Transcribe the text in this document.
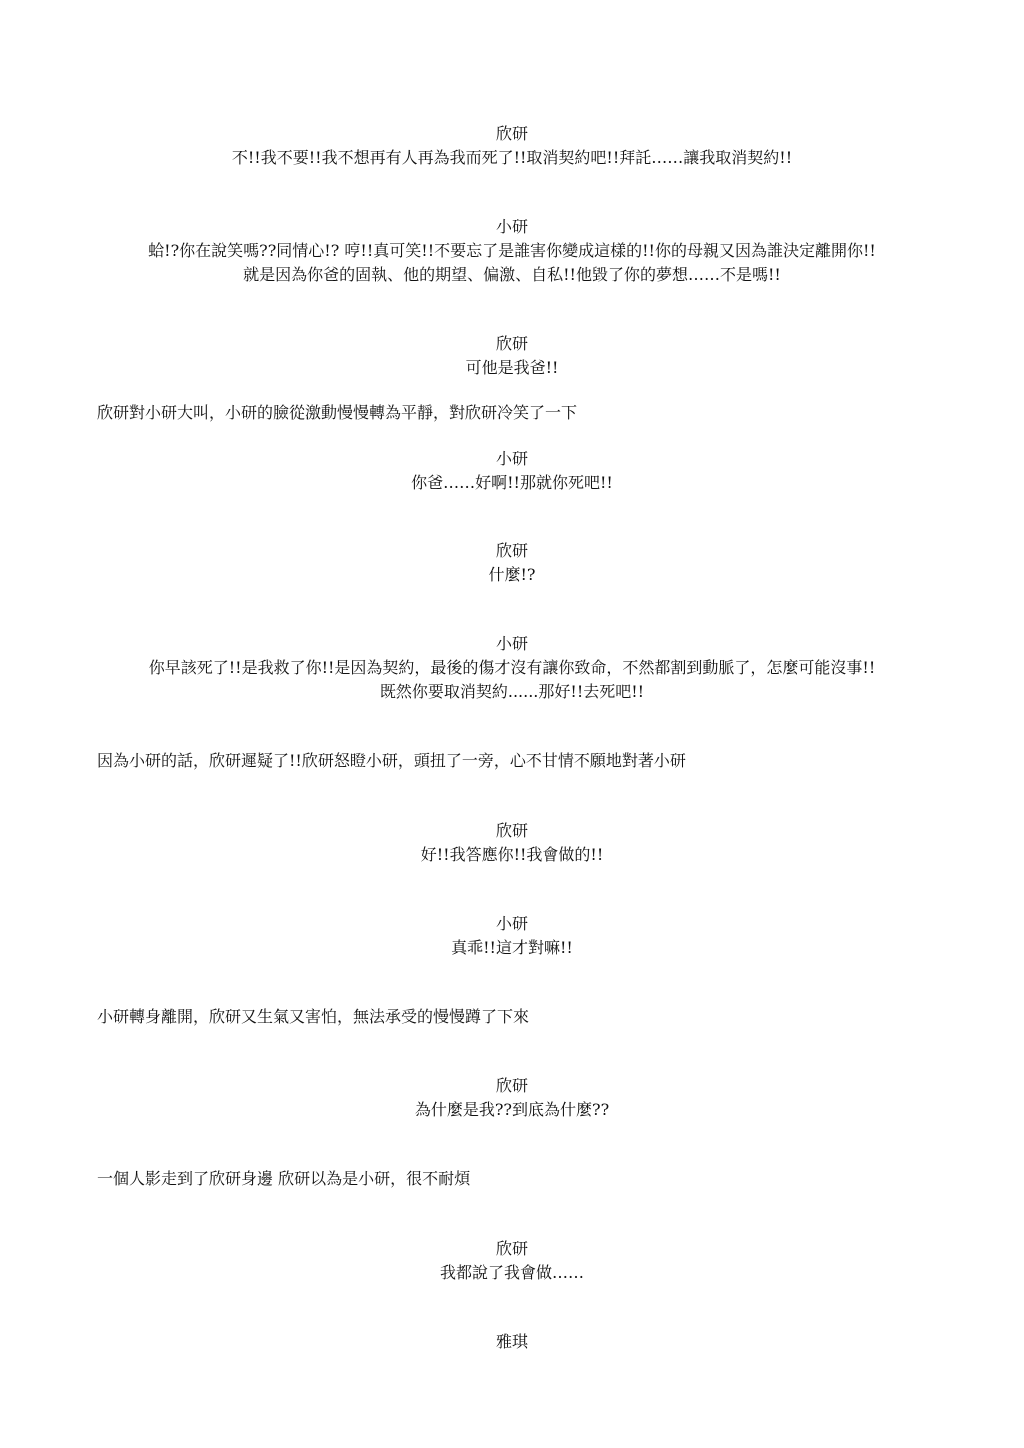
欣研
不!!我不要!!我不想再有人再為我而死了!!取消契約吧!!拜託……讓我取消契約!!
小研
蛤!?你在說笑嗎??同情心!? 哼!!真可笑!!不要忘了是誰害你變成這樣的!!你的母親又因為誰決定離開你!!
就是因為你爸的固執、他的期望、偏激、自私!!他毀了你的夢想……不是嗎!!
欣研
可他是我爸!!
欣研對小研大叫，小研的臉從激動慢慢轉為平靜，對欣研冷笑了一下
小研
你爸……好啊!!那就你死吧!!
欣研
什麼!?
小研
你早該死了!!是我救了你!!是因為契約，最後的傷才沒有讓你致命，不然都割到動脈了，怎麼可能沒事!!
既然你要取消契約......那好!!去死吧!!
因為小研的話，欣研遲疑了!!欣研怒瞪小研，頭扭了一旁，心不甘情不願地對著小研
欣研
好!!我答應你!!我會做的!!
小研
真乖!!這才對嘛!!
小研轉身離開，欣研又生氣又害怕，無法承受的慢慢蹲了下來
欣研
為什麼是我??到底為什麼??
一個人影走到了欣研身邊 欣研以為是小研，很不耐煩
欣研
我都說了我會做……
雅琪
